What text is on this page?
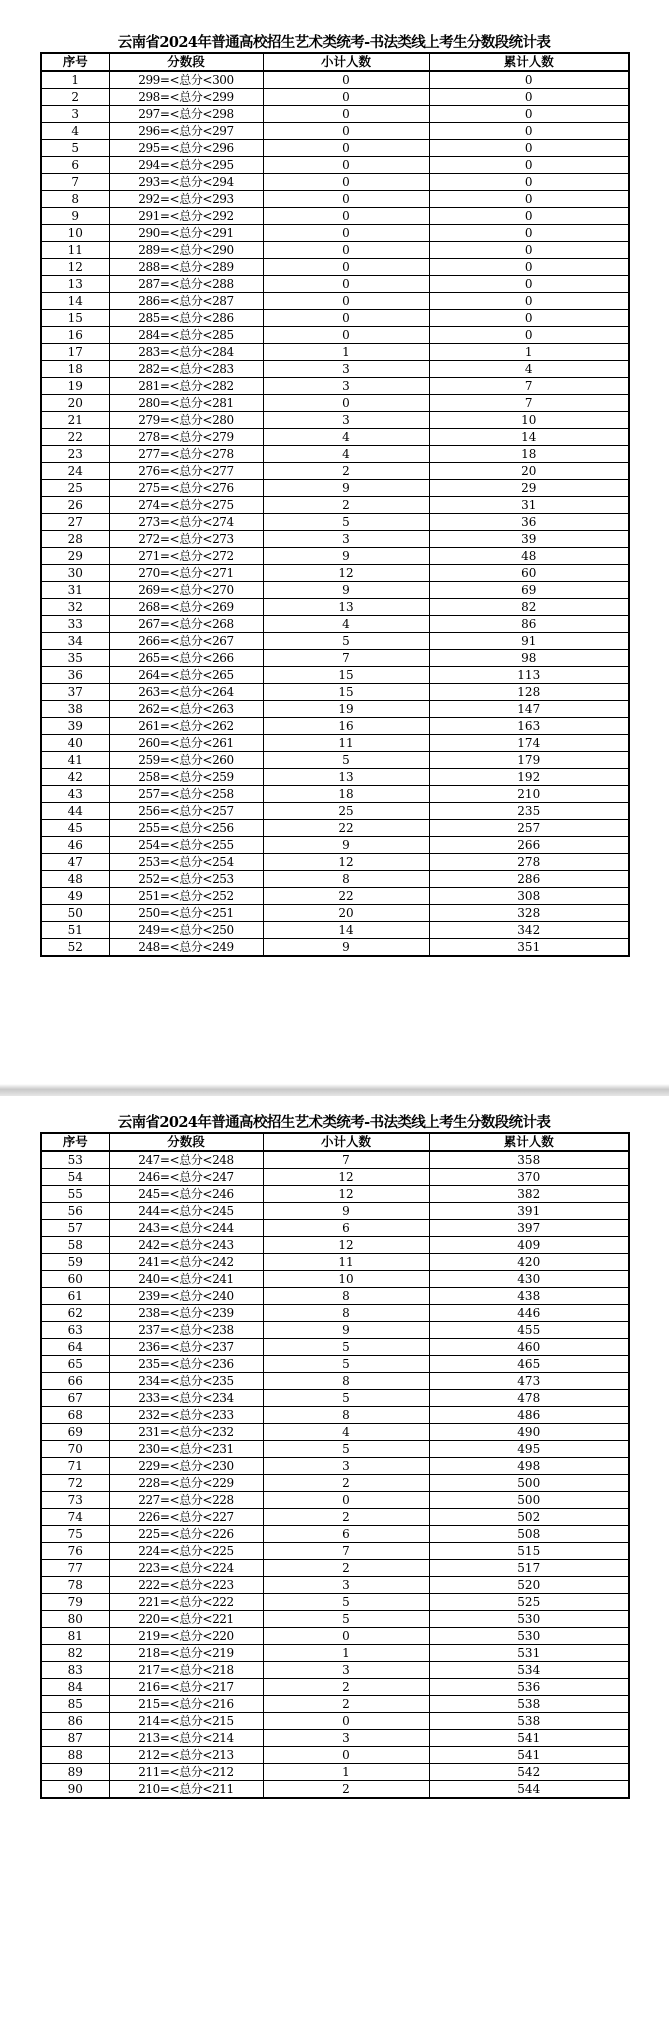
云南省2024年普通高校招生艺术类统考-书法类线上考生分数段统计表
序号	分数段	小计人数	累计人数
1	299=<总分<300	0	0
2	298=<总分<299	0	0
3	297=<总分<298	0	0
4	296=<总分<297	0	0
5	295=<总分<296	0	0
6	294=<总分<295	0	0
7	293=<总分<294	0	0
8	292=<总分<293	0	0
9	291=<总分<292	0	0
10	290=<总分<291	0	0
11	289=<总分<290	0	0
12	288=<总分<289	0	0
13	287=<总分<288	0	0
14	286=<总分<287	0	0
15	285=<总分<286	0	0
16	284=<总分<285	0	0
17	283=<总分<284	1	1
18	282=<总分<283	3	4
19	281=<总分<282	3	7
20	280=<总分<281	0	7
21	279=<总分<280	3	10
22	278=<总分<279	4	14
23	277=<总分<278	4	18
24	276=<总分<277	2	20
25	275=<总分<276	9	29
26	274=<总分<275	2	31
27	273=<总分<274	5	36
28	272=<总分<273	3	39
29	271=<总分<272	9	48
30	270=<总分<271	12	60
31	269=<总分<270	9	69
32	268=<总分<269	13	82
33	267=<总分<268	4	86
34	266=<总分<267	5	91
35	265=<总分<266	7	98
36	264=<总分<265	15	113
37	263=<总分<264	15	128
38	262=<总分<263	19	147
39	261=<总分<262	16	163
40	260=<总分<261	11	174
41	259=<总分<260	5	179
42	258=<总分<259	13	192
43	257=<总分<258	18	210
44	256=<总分<257	25	235
45	255=<总分<256	22	257
46	254=<总分<255	9	266
47	253=<总分<254	12	278
48	252=<总分<253	8	286
49	251=<总分<252	22	308
50	250=<总分<251	20	328
51	249=<总分<250	14	342
52	248=<总分<249	9	351
云南省2024年普通高校招生艺术类统考-书法类线上考生分数段统计表
序号	分数段	小计人数	累计人数
53	247=<总分<248	7	358
54	246=<总分<247	12	370
55	245=<总分<246	12	382
56	244=<总分<245	9	391
57	243=<总分<244	6	397
58	242=<总分<243	12	409
59	241=<总分<242	11	420
60	240=<总分<241	10	430
61	239=<总分<240	8	438
62	238=<总分<239	8	446
63	237=<总分<238	9	455
64	236=<总分<237	5	460
65	235=<总分<236	5	465
66	234=<总分<235	8	473
67	233=<总分<234	5	478
68	232=<总分<233	8	486
69	231=<总分<232	4	490
70	230=<总分<231	5	495
71	229=<总分<230	3	498
72	228=<总分<229	2	500
73	227=<总分<228	0	500
74	226=<总分<227	2	502
75	225=<总分<226	6	508
76	224=<总分<225	7	515
77	223=<总分<224	2	517
78	222=<总分<223	3	520
79	221=<总分<222	5	525
80	220=<总分<221	5	530
81	219=<总分<220	0	530
82	218=<总分<219	1	531
83	217=<总分<218	3	534
84	216=<总分<217	2	536
85	215=<总分<216	2	538
86	214=<总分<215	0	538
87	213=<总分<214	3	541
88	212=<总分<213	0	541
89	211=<总分<212	1	542
90	210=<总分<211	2	544
